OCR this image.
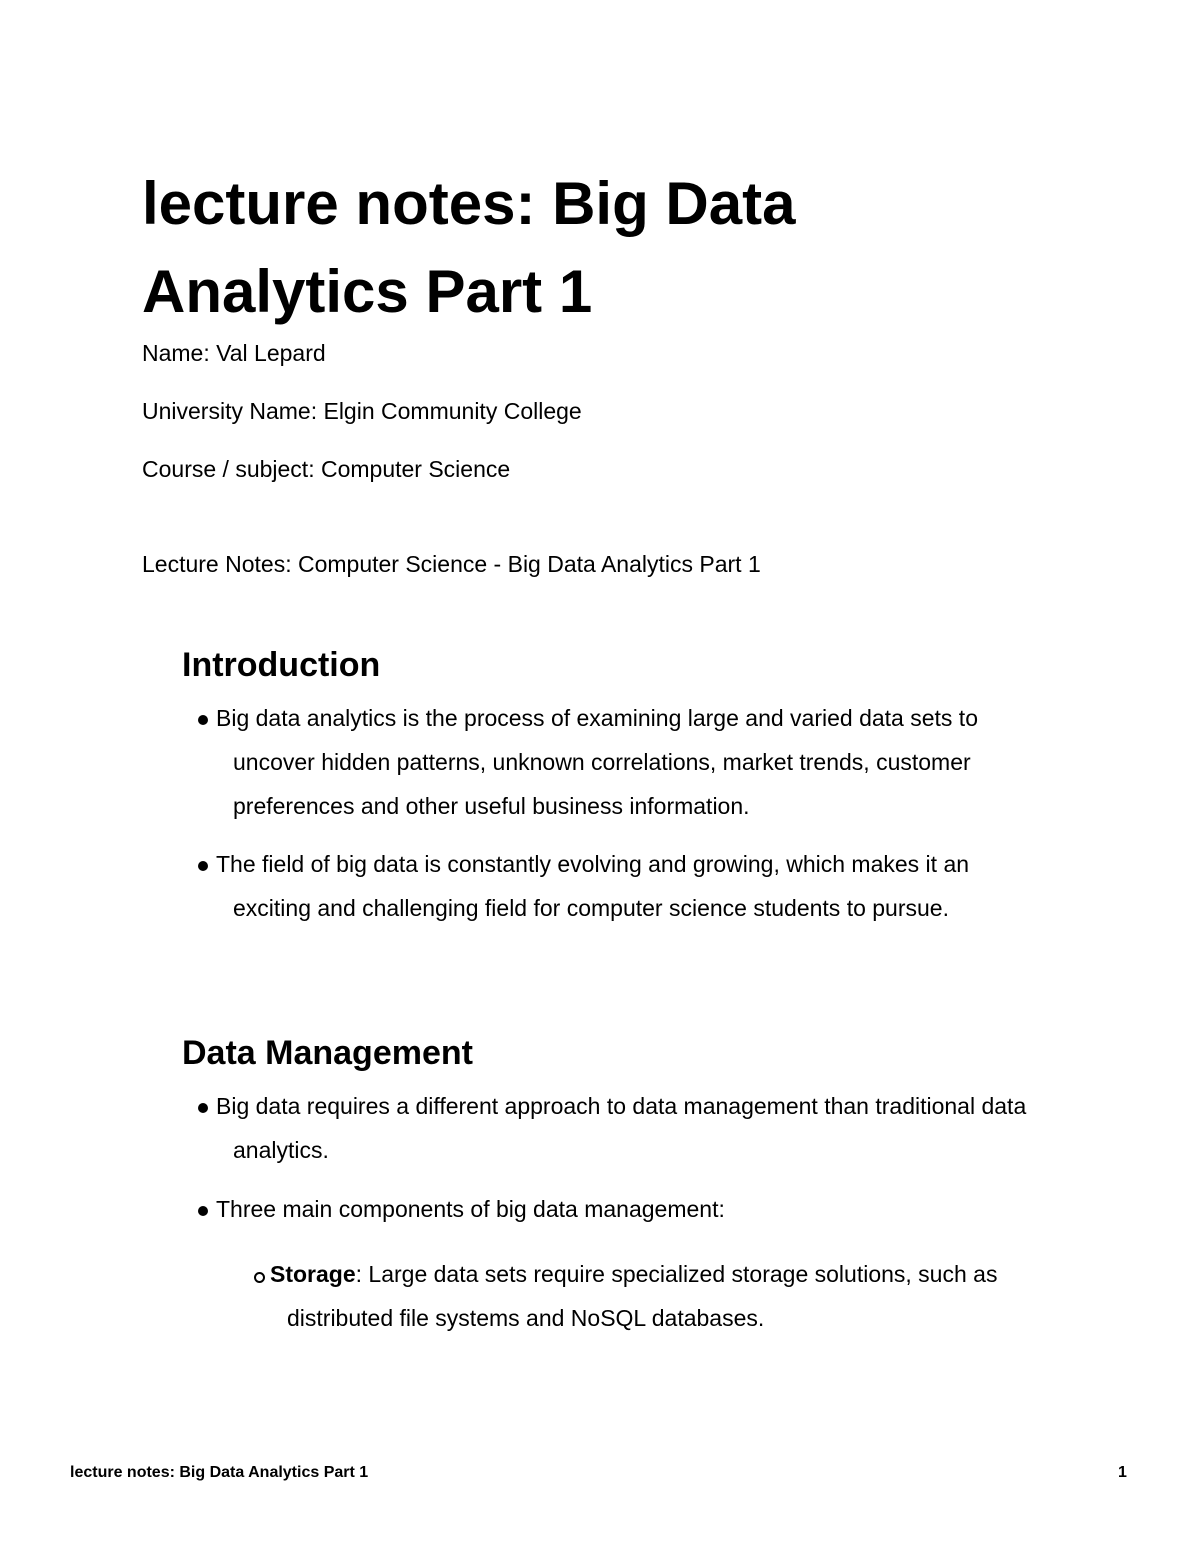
lecture notes: Big Data Analytics Part 1

Name: Val Lepard

University Name: Elgin Community College

Course / subject: Computer Science

Lecture Notes: Computer Science - Big Data Analytics Part 1

Introduction
Big data analytics is the process of examining large and varied data sets to uncover hidden patterns, unknown correlations, market trends, customer preferences and other useful business information.
The field of big data is constantly evolving and growing, which makes it an exciting and challenging field for computer science students to pursue.
Data Management
Big data requires a different approach to data management than traditional data analytics.
Three main components of big data management:
Storage: Large data sets require specialized storage solutions, such as distributed file systems and NoSQL databases.

lecture notes: Big Data Analytics Part 1	1
